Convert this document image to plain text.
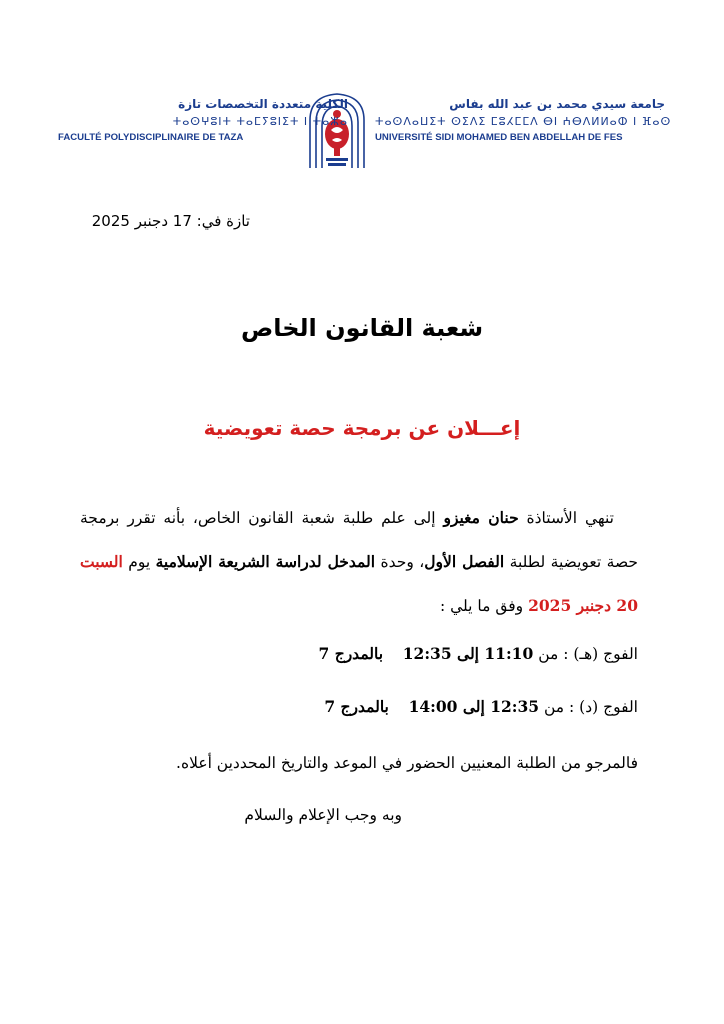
جامعة سيدي محمد بن عبد الله بفاس
ⵜⴰⵙⴷⴰⵡⵉⵜ ⵙⵉⴷⵉ ⵎⵓⵃⵎⵎⴷ ⴱⵏ ⵄⴱⴷⵍⵍⴰⵀ ⵏ ⴼⴰⵙ
UNIVERSITÉ SIDI MOHAMED BEN ABDELLAH DE FES
الكلية متعددة التخصصات تازة
ⵜⴰⵙⵖⵓⵏⵜ ⵜⴰⵎⵢⵓⵏⵉⵜ ⵏ ⵜⴰⵣⴰ
FACULTÉ POLYDISCIPLINAIRE DE TAZA
تازة في: 17 دجنبر 2025
شعبة القانون الخاص
إعـــلان عن برمجة حصة تعويضية
تنهي الأستاذة حنان مغيزو إلى علم طلبة شعبة القانون الخاص، بأنه تقرر برمجة حصة تعويضية لطلبة الفصل الأول، وحدة المدخل لدراسة الشريعة الإسلامية يوم السبت 20 دجنبر 2025 وفق ما يلي :
الفوج (هـ) : من 11:10 إلى 12:35    بالمدرج 7
الفوج (د) : من 12:35 إلى 14:00    بالمدرج 7
فالمرجو من الطلبة المعنيين الحضور في الموعد والتاريخ المحددين أعلاه.
وبه وجب الإعلام والسلام
